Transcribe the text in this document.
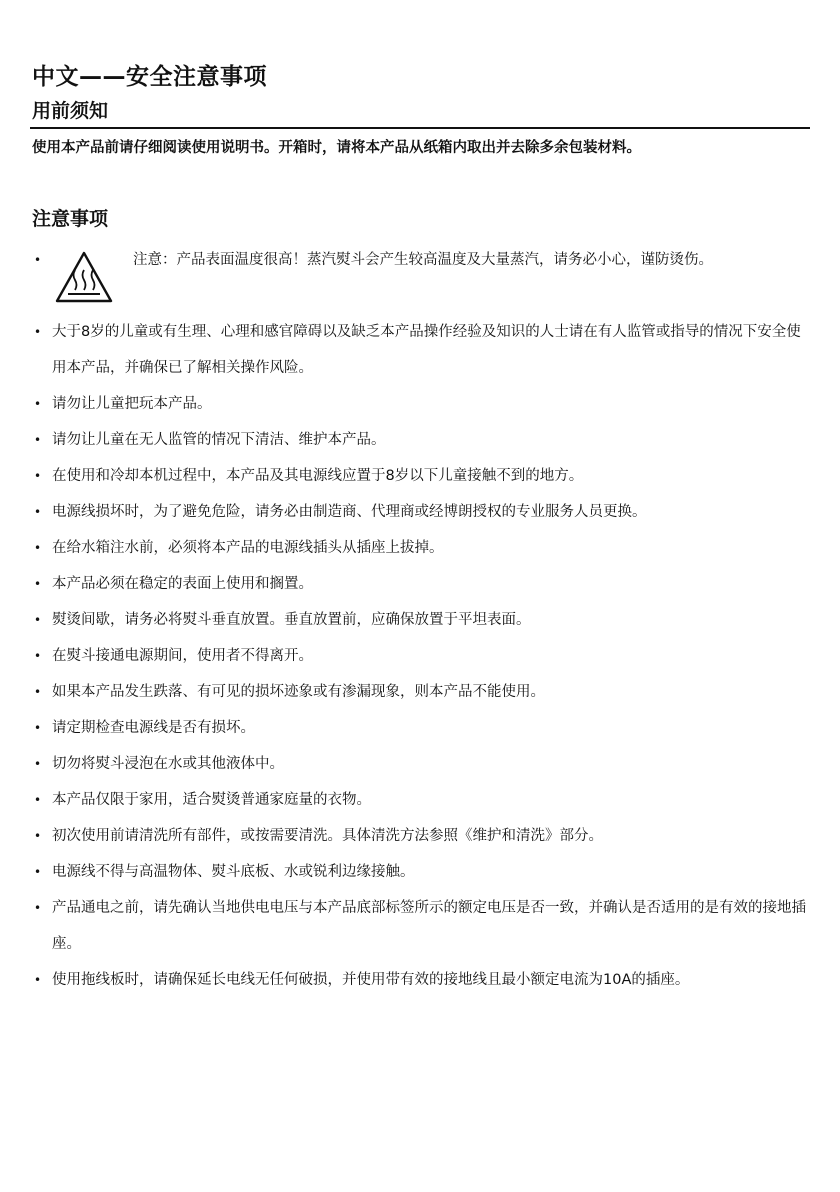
中文——安全注意事项
用前须知

使用本产品前请仔细阅读使用说明书。开箱时，请将本产品从纸箱内取出并去除多余包装材料。

注意事项
•	注意：产品表面温度很高！蒸汽熨斗会产生较高温度及大量蒸汽，请务必小心，谨防烫伤。
• 大于8岁的儿童或有生理、心理和感官障碍以及缺乏本产品操作经验及知识的人士请在有人监管或指导的情况下安全使用本产品，并确保已了解相关操作风险。
• 请勿让儿童把玩本产品。
• 请勿让儿童在无人监管的情况下清洁、维护本产品。
• 在使用和冷却本机过程中，本产品及其电源线应置于8岁以下儿童接触不到的地方。
• 电源线损坏时，为了避免危险，请务必由制造商、代理商或经博朗授权的专业服务人员更换。
• 在给水箱注水前，必须将本产品的电源线插头从插座上拔掉。
• 本产品必须在稳定的表面上使用和搁置。
• 熨烫间歇，请务必将熨斗垂直放置。垂直放置前，应确保放置于平坦表面。
• 在熨斗接通电源期间，使用者不得离开。
• 如果本产品发生跌落、有可见的损坏迹象或有渗漏现象，则本产品不能使用。
• 请定期检查电源线是否有损坏。
• 切勿将熨斗浸泡在水或其他液体中。
• 本产品仅限于家用，适合熨烫普通家庭量的衣物。
• 初次使用前请清洗所有部件，或按需要清洗。具体清洗方法参照《维护和清洗》部分。
• 电源线不得与高温物体、熨斗底板、水或锐利边缘接触。
• 产品通电之前，请先确认当地供电电压与本产品底部标签所示的额定电压是否一致，并确认是否适用的是有效的接地插座。
• 使用拖线板时，请确保延长电线无任何破损，并使用带有效的接地线且最小额定电流为10A的插座。
